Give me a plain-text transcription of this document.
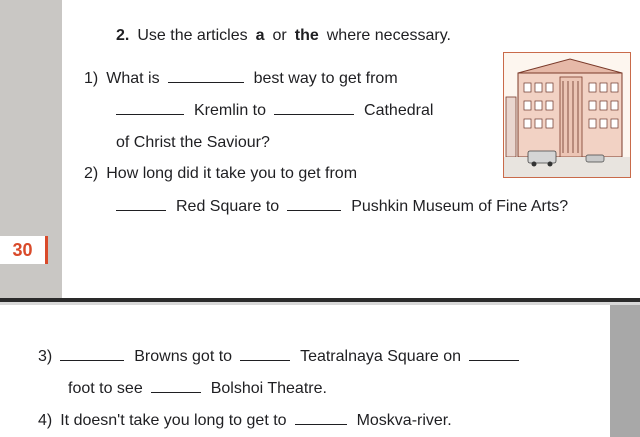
30
2. Use the articles a or the where necessary.
1) What is	best way to get from
Kremlin to	Cathedral
of Christ the Saviour?
2) How long did it take you to get from
Red Square to	Pushkin Museum of Fine Arts?
3)	Browns got to	Teatralnaya Square on
foot to see	Bolshoi Theatre.
4) It doesn't take you long to get to	Moskva-river.
